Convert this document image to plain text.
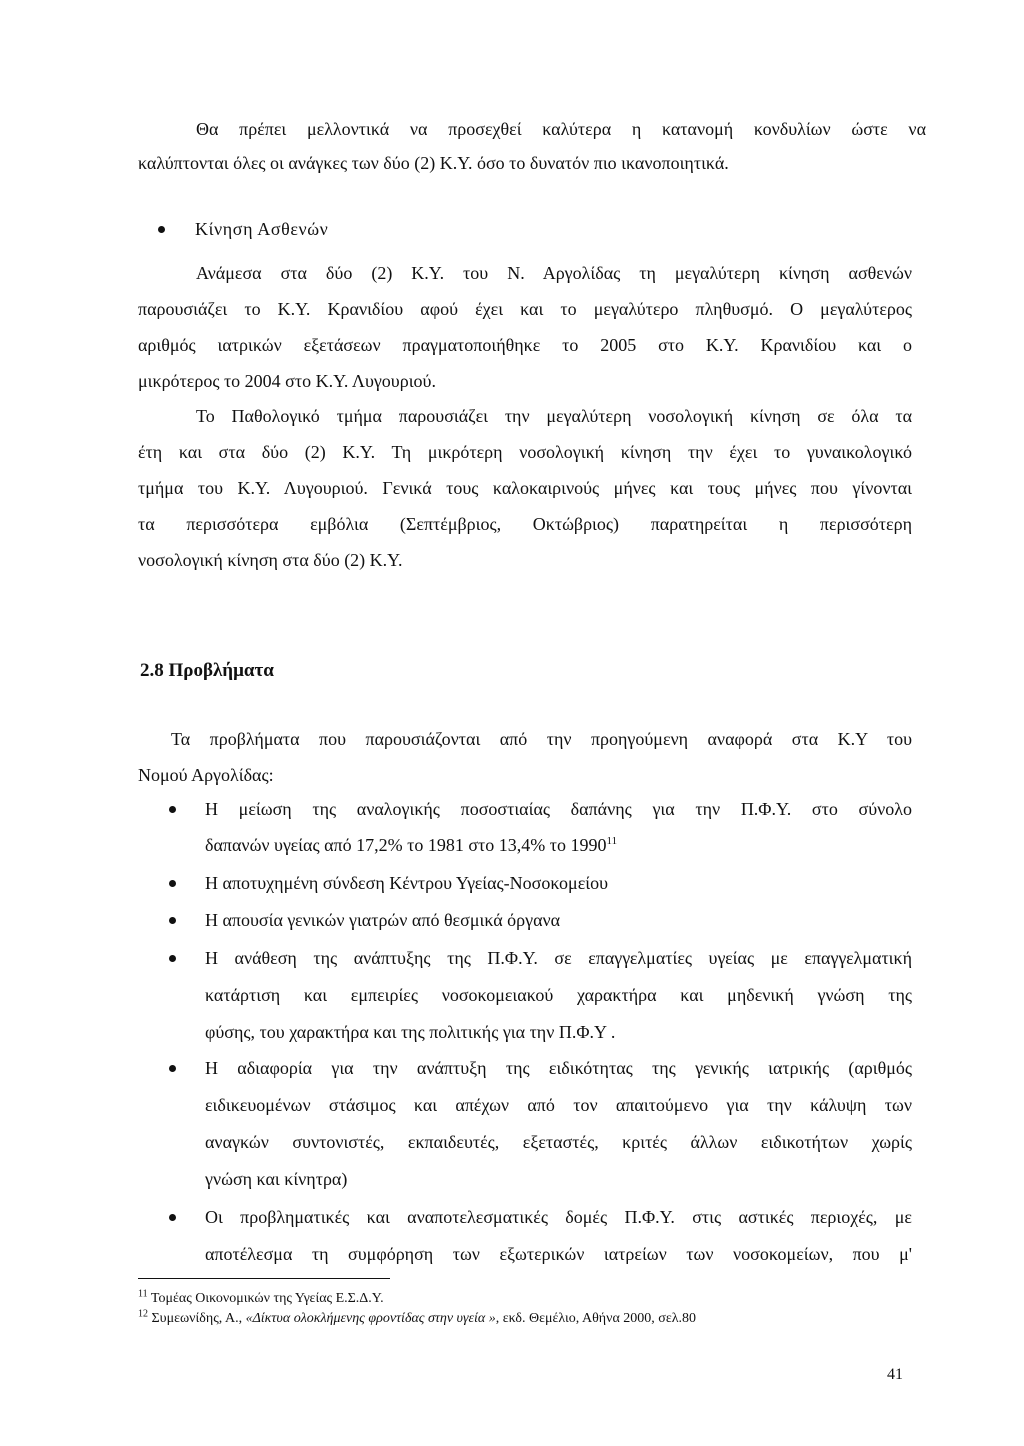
Θα πρέπει μελλοντικά να προσεχθεί καλύτερα η κατανομή κονδυλίων ώστε να
καλύπτονται όλες οι ανάγκες των δύο (2) Κ.Υ. όσο το δυνατόν πιο ικανοποιητικά.
Κίνηση Ασθενών
Ανάμεσα στα δύο (2) Κ.Υ. του Ν. Αργολίδας τη μεγαλύτερη κίνηση ασθενών
παρουσιάζει το Κ.Υ. Κρανιδίου αφού έχει και το μεγαλύτερο πληθυσμό. Ο μεγαλύτερος
αριθμός ιατρικών εξετάσεων πραγματοποιήθηκε το 2005 στο Κ.Υ. Κρανιδίου και ο
μικρότερος το 2004 στο Κ.Υ. Λυγουριού.
Το Παθολογικό τμήμα παρουσιάζει την μεγαλύτερη νοσολογική κίνηση σε όλα τα
έτη και στα δύο (2) Κ.Υ. Τη μικρότερη νοσολογική κίνηση την έχει το γυναικολογικό
τμήμα του Κ.Υ. Λυγουριού. Γενικά τους καλοκαιρινούς μήνες και τους μήνες που γίνονται
τα περισσότερα εμβόλια (Σεπτέμβριος, Οκτώβριος) παρατηρείται η περισσότερη
νοσολογική κίνηση στα δύο (2) Κ.Υ.
2.8 Προβλήματα
Τα προβλήματα που παρουσιάζονται από την προηγούμενη αναφορά στα Κ.Υ του
Νομού Αργολίδας:
Η μείωση της αναλογικής ποσοστιαίας δαπάνης για την Π.Φ.Υ. στο σύνολο
δαπανών υγείας από 17,2% το 1981 στο 13,4% το 1990$^{11}$
Η αποτυχημένη σύνδεση Κέντρου Υγείας-Νοσοκομείου
Η απουσία γενικών γιατρών από θεσμικά όργανα
Η ανάθεση της ανάπτυξης της Π.Φ.Υ. σε επαγγελματίες υγείας με επαγγελματική
κατάρτιση και εμπειρίες νοσοκομειακού χαρακτήρα και μηδενική γνώση της
φύσης, του χαρακτήρα και της πολιτικής για την Π.Φ.Υ .
Η αδιαφορία για την ανάπτυξη της ειδικότητας της γενικής ιατρικής (αριθμός
ειδικευομένων στάσιμος και απέχων από τον απαιτούμενο για την κάλυψη των
αναγκών συντονιστές, εκπαιδευτές, εξεταστές, κριτές άλλων ειδικοτήτων χωρίς
γνώση και κίνητρα)
Οι προβληματικές και αναποτελεσματικές δομές Π.Φ.Υ. στις αστικές περιοχές, με
αποτέλεσμα τη συμφόρηση των εξωτερικών ιατρείων των νοσοκομείων, που μ'
$^{11}$ Τομέας Οικονομικών της Υγείας Ε.Σ.Δ.Υ.
$^{12}$ Συμεωνίδης, Α., «Δίκτυα ολοκλήμενης φροντίδας στην υγεία », εκδ. Θεμέλιο, Αθήνα 2000, σελ.80
41
